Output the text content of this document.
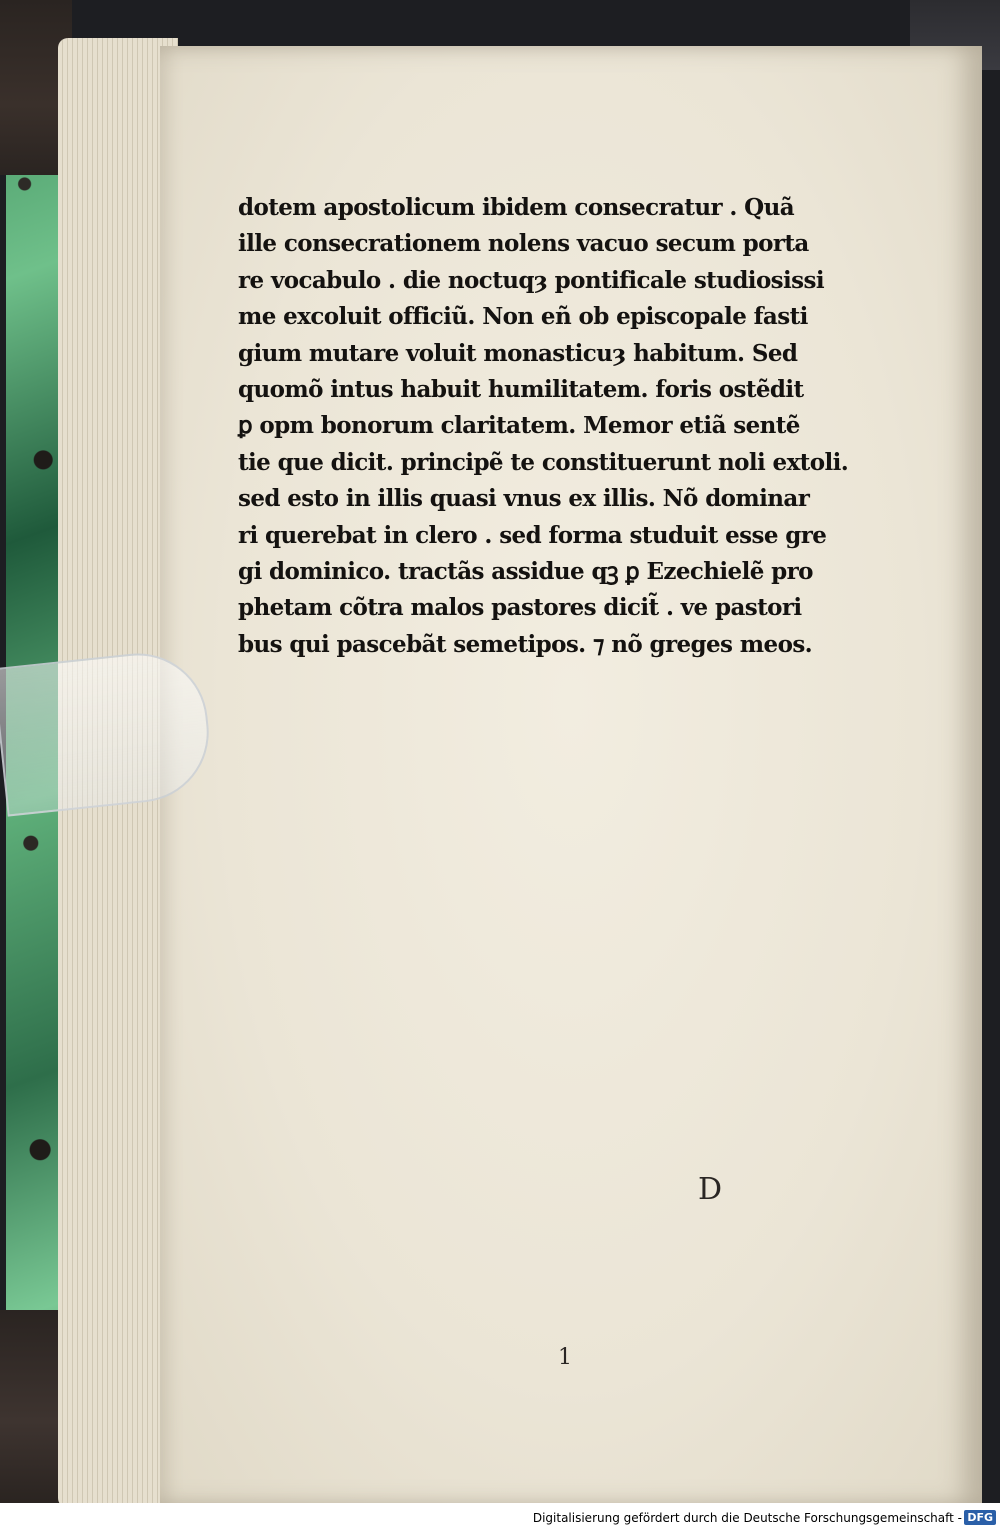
dotem apostolicum ibidem consecratur . Quã
ille consecrationem nolens vacuo secum porta
re vocabulo . die noctuqȝ pontificale studiosissi
me excoluit officiũ. Non eñ ob episcopale fasti
gium mutare voluit monasticuȝ habitum. Sed
quomõ intus habuit humilitatem. foris ostẽdit
ꝑ opm bonorum claritatem. Memor etiã sentẽ
tie que dicit. principẽ te constituerunt noli extoli.
sed esto in illis quasi vnus ex illis. Nõ dominar
ri querebat in clero . sed forma studuit esse gre
gi dominico. tractãs assidue qꝫ ꝑ Ezechielẽ pro
phetam cõtra malos pastores dicit̃ . ve pastori
bus qui pascebãt semetipos. ⁊ nõ greges meos.
D
1
Digitalisierung gefördert durch die Deutsche Forschungsgemeinschaft - DFG
